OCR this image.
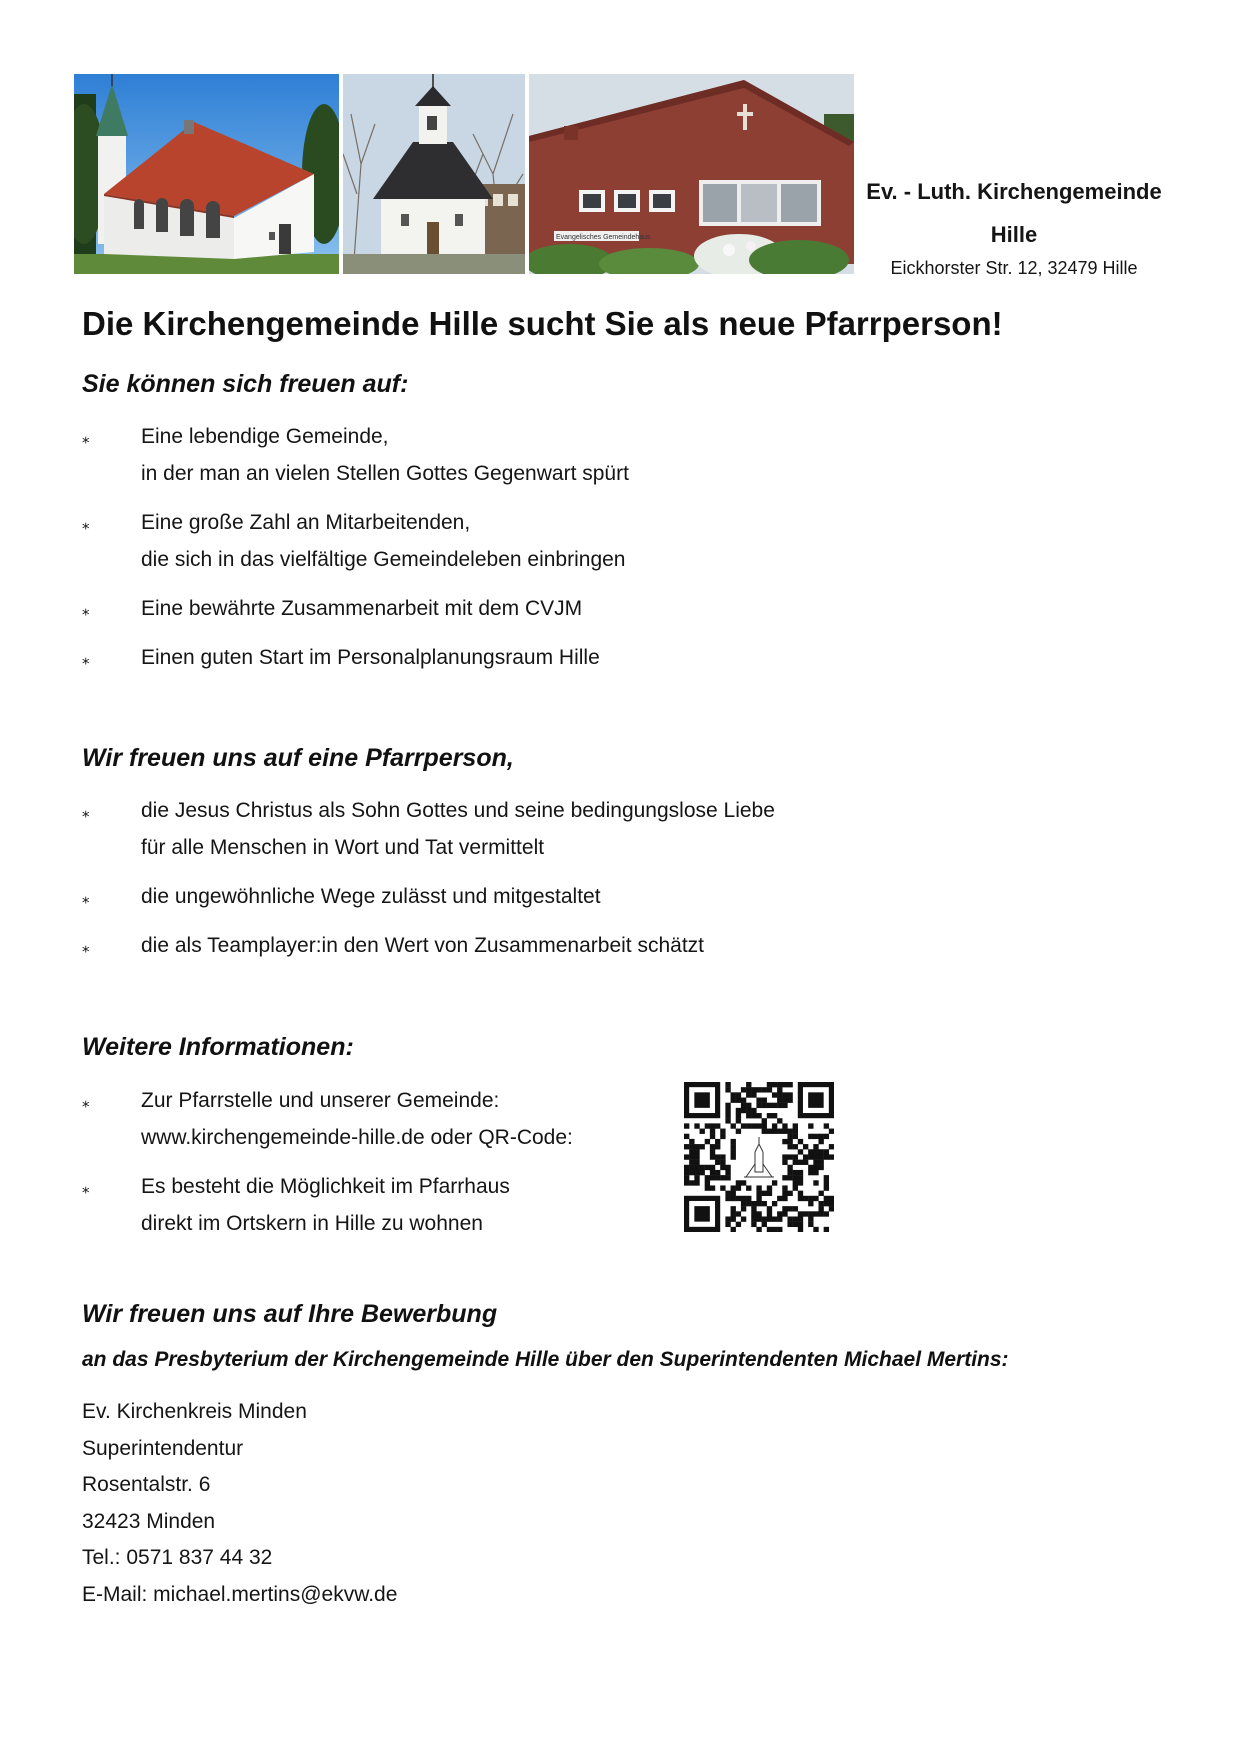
Evangelisches Gemeindehaus
Ev. - Luth. Kirchengemeinde
Hille
Eickhorster Str. 12, 32479 Hille
Die Kirchengemeinde Hille sucht Sie als neue Pfarrperson!
Sie können sich freuen auf:
⁎ Eine lebendige Gemeinde,
in der man an vielen Stellen Gottes Gegenwart spürt
⁎ Eine große Zahl an Mitarbeitenden,
die sich in das vielfältige Gemeindeleben einbringen
⁎ Eine bewährte Zusammenarbeit mit dem CVJM
⁎ Einen guten Start im Personalplanungsraum Hille
Wir freuen uns auf eine Pfarrperson,
⁎ die Jesus Christus als Sohn Gottes und seine bedingungslose Liebe
für alle Menschen in Wort und Tat vermittelt
⁎ die ungewöhnliche Wege zulässt und mitgestaltet
⁎ die als Teamplayer:in den Wert von Zusammenarbeit schätzt
Weitere Informationen:
⁎ Zur Pfarrstelle und unserer Gemeinde:
www.kirchengemeinde-hille.de oder QR-Code:
⁎ Es besteht die Möglichkeit im Pfarrhaus
direkt im Ortskern in Hille zu wohnen
Wir freuen uns auf Ihre Bewerbung
an das Presbyterium der Kirchengemeinde Hille über den Superintendenten Michael Mertins:
Ev. Kirchenkreis Minden
Superintendentur
Rosentalstr. 6
32423 Minden
Tel.: 0571 837 44 32
E-Mail: michael.mertins@ekvw.de
